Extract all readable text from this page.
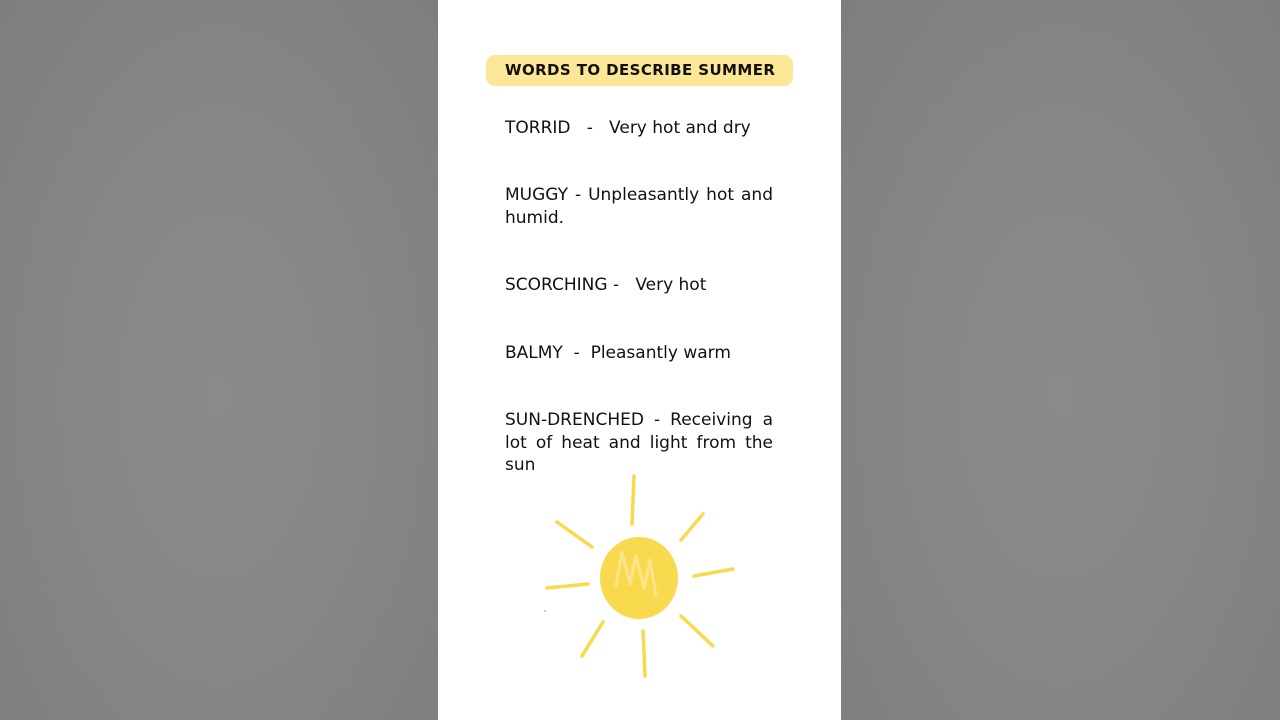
WORDS TO DESCRIBE SUMMER
TORRID   -   Very hot and dry
MUGGY - Unpleasantly hot and humid.
SCORCHING -   Very hot
BALMY  -  Pleasantly warm
SUN-DRENCHED - Receiving a lot of heat and light from the sun
